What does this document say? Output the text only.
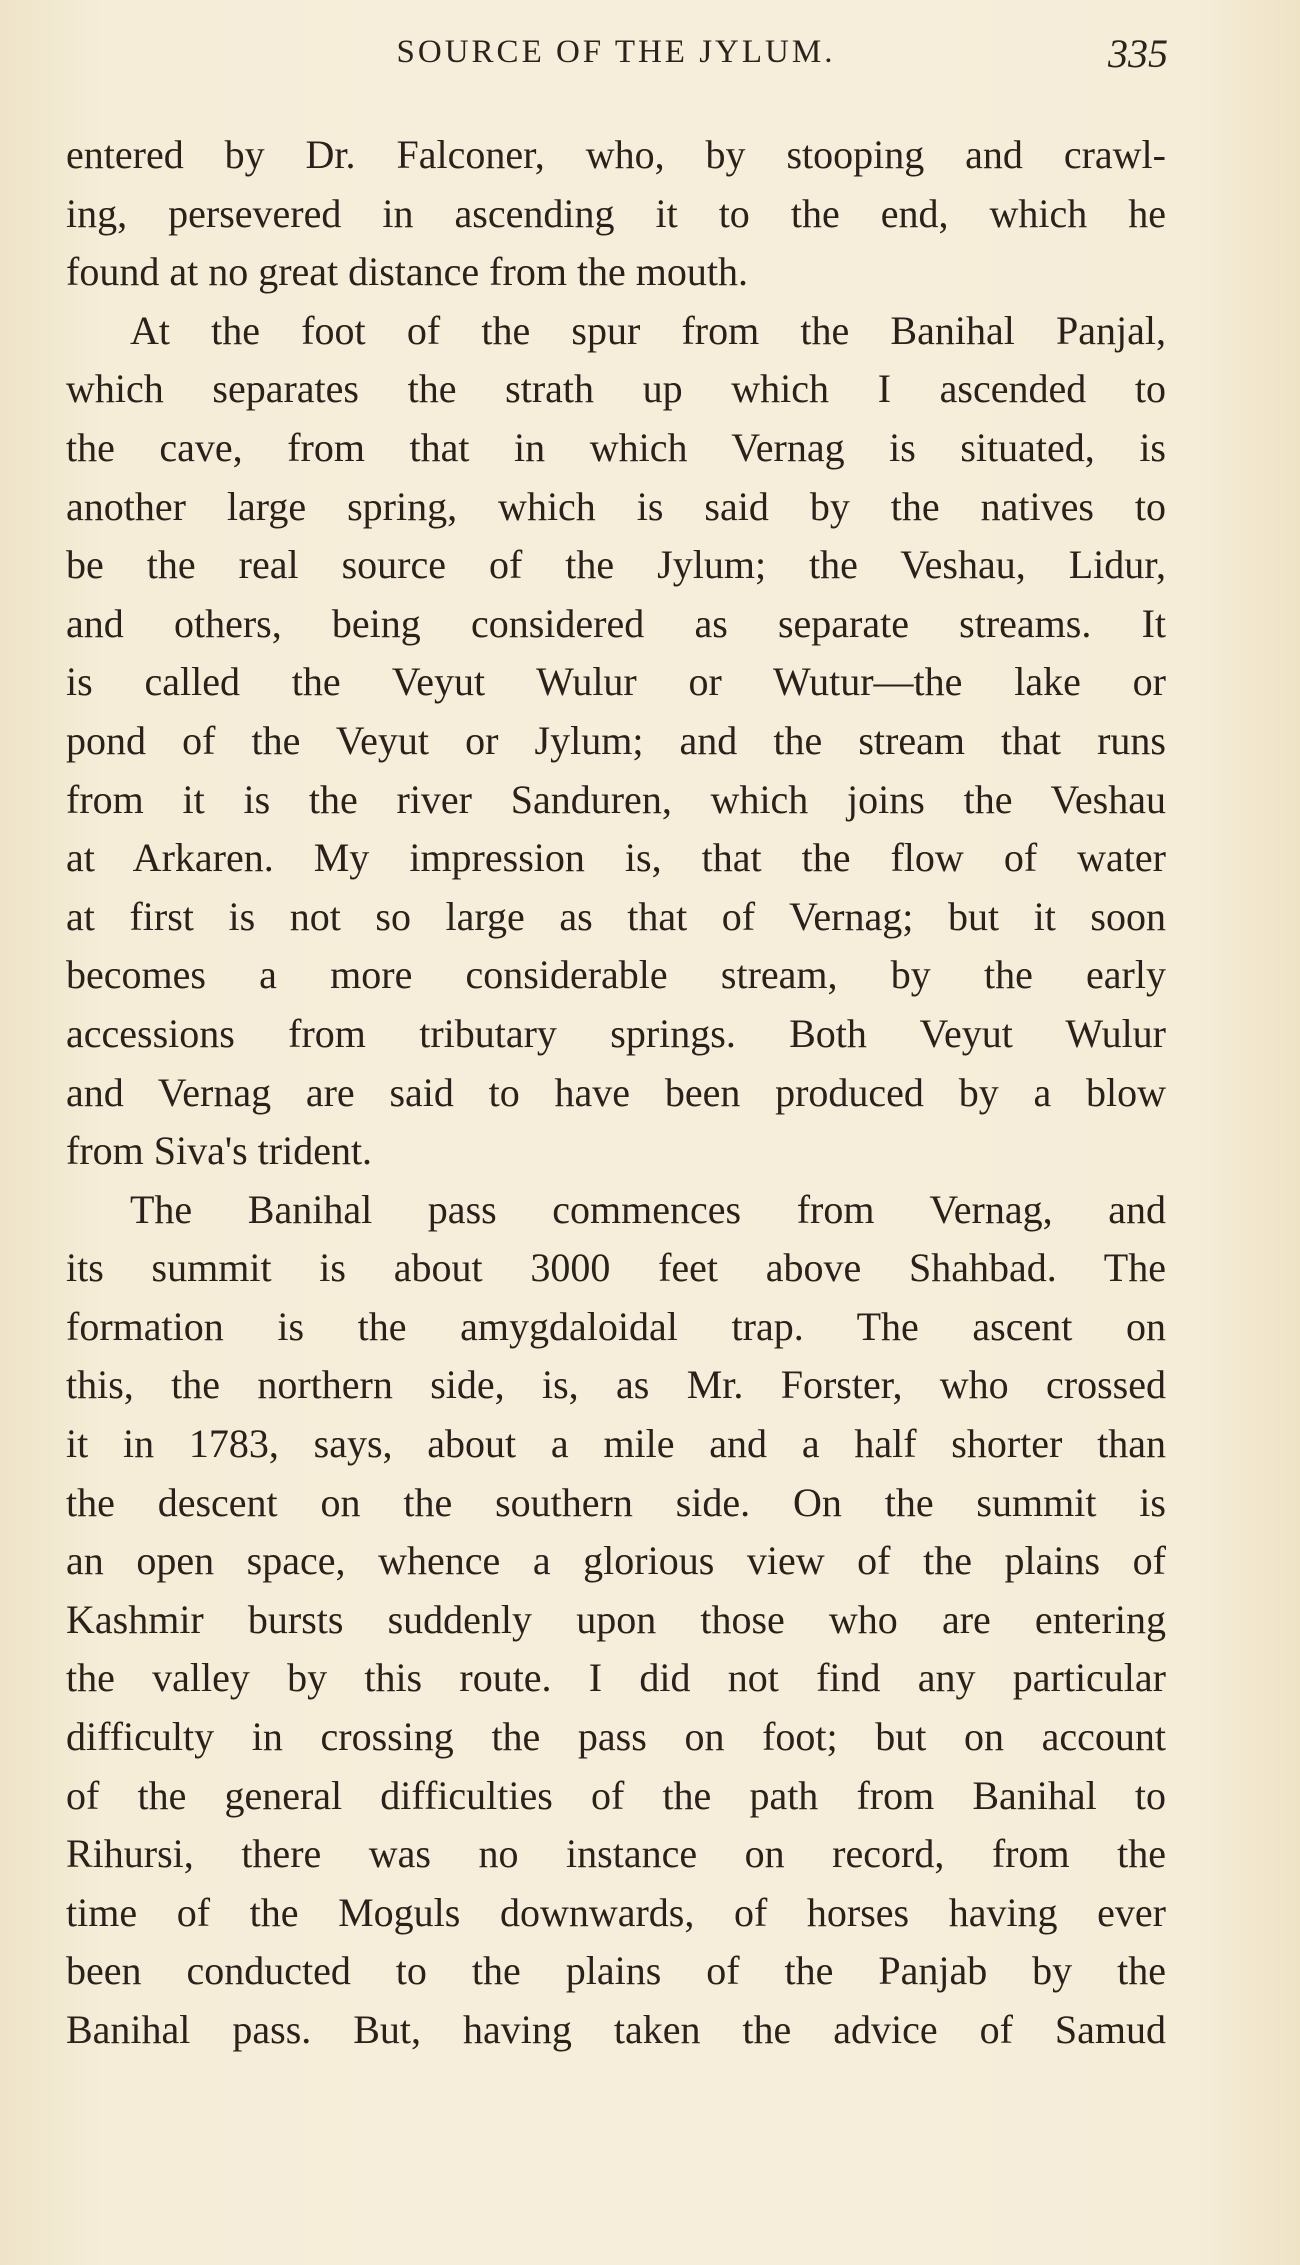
SOURCE OF THE JYLUM.	335
entered by Dr. Falconer, who, by stooping and crawl-
ing, persevered in ascending it to the end, which he
found at no great distance from the mouth.
At the foot of the spur from the Banihal Panjal,
which separates the strath up which I ascended to
the cave, from that in which Vernag is situated, is
another large spring, which is said by the natives to
be the real source of the Jylum; the Veshau, Lidur,
and others, being considered as separate streams. It
is called the Veyut Wulur or Wutur—the lake or
pond of the Veyut or Jylum; and the stream that runs
from it is the river Sanduren, which joins the Veshau
at Arkaren. My impression is, that the flow of water
at first is not so large as that of Vernag; but it soon
becomes a more considerable stream, by the early
accessions from tributary springs. Both Veyut Wulur
and Vernag are said to have been produced by a blow
from Siva's trident.
The Banihal pass commences from Vernag, and
its summit is about 3000 feet above Shahbad. The
formation is the amygdaloidal trap. The ascent on
this, the northern side, is, as Mr. Forster, who crossed
it in 1783, says, about a mile and a half shorter than
the descent on the southern side. On the summit is
an open space, whence a glorious view of the plains of
Kashmir bursts suddenly upon those who are entering
the valley by this route. I did not find any particular
difficulty in crossing the pass on foot; but on account
of the general difficulties of the path from Banihal to
Rihursi, there was no instance on record, from the
time of the Moguls downwards, of horses having ever
been conducted to the plains of the Panjab by the
Banihal pass. But, having taken the advice of Samud
